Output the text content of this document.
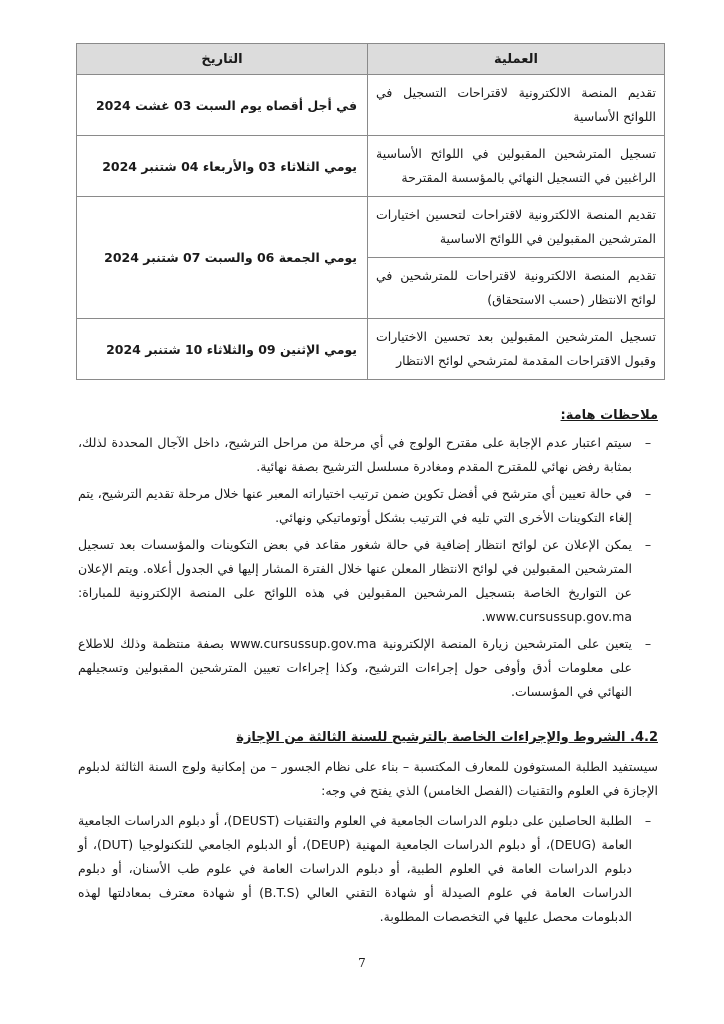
العملية	التاريخ
تقديم المنصة الالكترونية لاقتراحات التسجيل في اللوائح الأساسية	في أجل أقصاه يوم السبت 03 غشت 2024
تسجيل المترشحين المقبولين في اللوائح الأساسية الراغبين في التسجيل النهائي بالمؤسسة المقترحة	يومي الثلاثاء 03 والأربعاء 04 شتنبر 2024
تقديم المنصة الالكترونية لاقتراحات لتحسين اختيارات المترشحين المقبولين في اللوائح الاساسية	يومي الجمعة 06 والسبت 07 شتنبر 2024
تقديم المنصة الالكترونية لاقتراحات للمترشحين في لوائح الانتظار (حسب الاستحقاق)	
تسجيل المترشحين المقبولين بعد تحسين الاختيارات وقبول الاقتراحات المقدمة لمترشحي لوائح الانتظار	يومي الإثنين 09 والثلاثاء 10 شتنبر 2024

ملاحظات هامة:

–
سيتم اعتبار عدم الإجابة على مقترح الولوج في أي مرحلة من مراحل الترشيح، داخل الآجال المحددة لذلك، بمثابة رفض نهائي للمقترح المقدم ومغادرة مسلسل الترشيح بصفة نهائية.
–
في حالة تعيين أي مترشح في أفضل تكوين ضمن ترتيب اختياراته المعبر عنها خلال مرحلة تقديم الترشيح، يتم إلغاء التكوينات الأخرى التي تليه في الترتيب بشكل أوتوماتيكي ونهائي.
–
يمكن الإعلان عن لوائح انتظار إضافية في حالة شغور مقاعد في بعض التكوينات والمؤسسات بعد تسجيل المترشحين المقبولين في لوائح الانتظار المعلن عنها خلال الفترة المشار إليها في الجدول أعلاه. ويتم الإعلان عن التواريخ الخاصة بتسجيل المرشحين المقبولين في هذه اللوائح على المنصة الإلكترونية للمباراة: www.cursussup.gov.ma.
–
يتعين على المترشحين زيارة المنصة الإلكترونية www.cursussup.gov.ma بصفة منتظمة وذلك للاطلاع على معلومات أدق وأوفى حول إجراءات الترشيح، وكذا إجراءات تعيين المترشحين المقبولين وتسجيلهم النهائي في المؤسسات.

4.2. الشروط والإجراءات الخاصة بالترشيح للسنة الثالثة من الإجازة

سيستفيد الطلبة المستوفون للمعارف المكتسبة – بناء على نظام الجسور – من إمكانية ولوج السنة الثالثة لدبلوم الإجازة في العلوم والتقنيات (الفصل الخامس) الذي يفتح في وجه:

–
الطلبة الحاصلين على دبلوم الدراسات الجامعية في العلوم والتقنيات (DEUST)، أو دبلوم الدراسات الجامعية العامة (DEUG)، أو دبلوم الدراسات الجامعية المهنية (DEUP)، أو الدبلوم الجامعي للتكنولوجيا (DUT)، أو دبلوم الدراسات العامة في العلوم الطبية، أو دبلوم الدراسات العامة في علوم طب الأسنان، أو دبلوم الدراسات العامة في علوم الصيدلة أو شهادة التقني العالي (B.T.S) أو شهادة معترف بمعادلتها لهذه الدبلومات محصل عليها في التخصصات المطلوبة.
7
